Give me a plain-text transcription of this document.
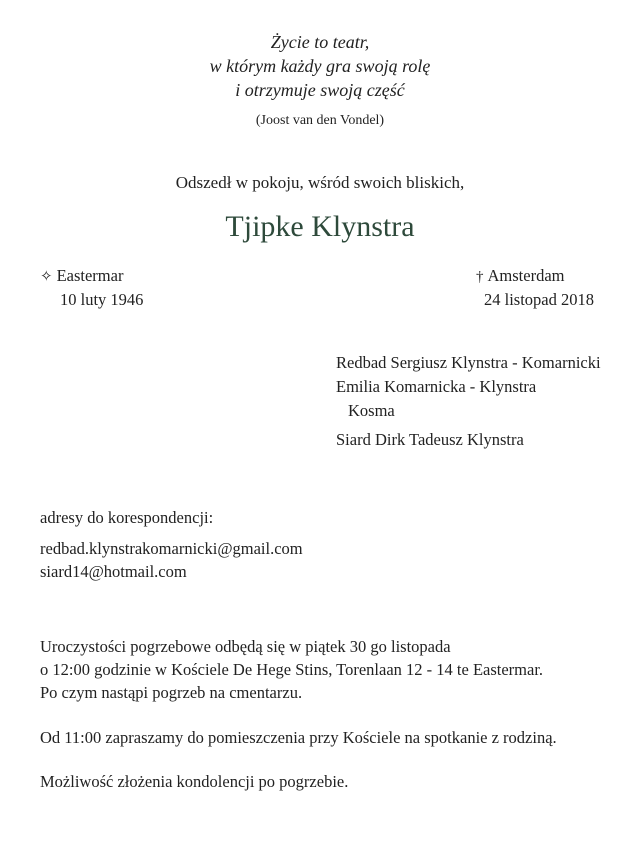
Życie to teatr,
w którym każdy gra swoją rolę
i otrzymuje swoją część
(Joost van den Vondel)
Odszedł w pokoju, wśród swoich bliskich,
Tjipke Klynstra
✧ Eastermar
10 luty 1946
† Amsterdam
24 listopad 2018
Redbad Sergiusz Klynstra - Komarnicki
Emilia Komarnicka - Klynstra
Kosma
Siard Dirk Tadeusz Klynstra
adresy do korespondencji:
redbad.klynstrakomarnicki@gmail.com
siard14@hotmail.com
Uroczystości pogrzebowe odbędą się w piątek 30 go listopada
o 12:00 godzinie w Kościele De Hege Stins, Torenlaan 12 - 14 te Eastermar.
Po czym nastąpi pogrzeb na cmentarzu.
Od 11:00 zapraszamy do pomieszczenia przy Kościele na spotkanie z rodziną.
Możliwość złożenia kondolencji po pogrzebie.
